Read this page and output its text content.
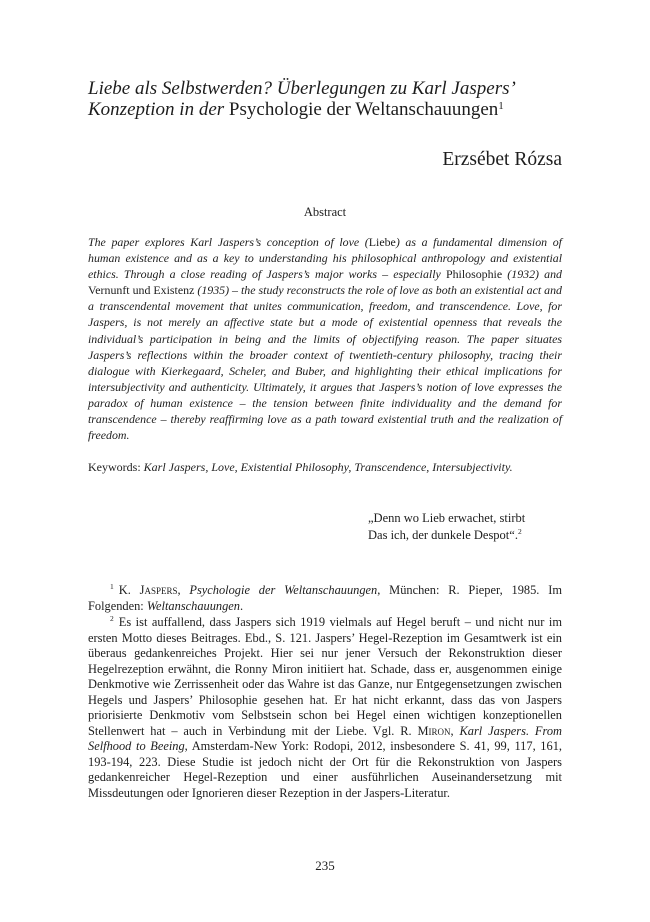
Liebe als Selbstwerden? Überlegungen zu Karl Jaspers’ Konzeption in der Psychologie der Weltanschauungen$^1$
Erzsébet Rózsa
Abstract

The paper explores Karl Jaspers’s conception of love (Liebe) as a fundamental dimension of human existence and as a key to understanding his philosophical anthropology and existential ethics. Through a close reading of Jaspers’s major works – especially Philosophie (1932) and Vernunft und Existenz (1935) – the study reconstructs the role of love as both an existential act and a transcendental movement that unites communication, freedom, and transcendence. Love, for Jaspers, is not merely an affective state but a mode of existential openness that reveals the individual’s participation in being and the limits of objectifying reason. The paper situates Jaspers’s reflections within the broader context of twentieth-century philosophy, tracing their dialogue with Kierkegaard, Scheler, and Buber, and highlighting their ethical implications for intersubjectivity and authenticity. Ultimately, it argues that Jaspers’s notion of love expresses the paradox of human existence – the tension between finite individuality and the demand for transcendence – thereby reaffirming love as a path toward existential truth and the realization of freedom.

Keywords: Karl Jaspers, Love, Existential Philosophy, Transcendence, Intersubjectivity.

„Denn wo Lieb erwachet, stirbt
Das ich, der dunkele Despot“.$^2$

$^1$ K. Jaspers, Psychologie der Weltanschauungen, München: R. Pieper, 1985. Im Folgenden: Weltanschauungen.

$^2$ Es ist auffallend, dass Jaspers sich 1919 vielmals auf Hegel beruft – und nicht nur im ersten Motto dieses Beitrages. Ebd., S. 121. Jaspers’ Hegel-Rezeption im Gesamtwerk ist ein überaus gedankenreiches Projekt. Hier sei nur jener Versuch der Rekonstruktion dieser Hegelrezeption erwähnt, die Ronny Miron initiiert hat. Schade, dass er, ausgenommen einige Denkmotive wie Zerrissenheit oder das Wahre ist das Ganze, nur Entgegensetzungen zwischen Hegels und Jaspers’ Philosophie gesehen hat. Er hat nicht erkannt, dass das von Jaspers priorisierte Denkmotiv vom Selbstsein schon bei Hegel einen wichtigen konzeptionellen Stellenwert hat – auch in Verbindung mit der Liebe. Vgl. R. Miron, Karl Jaspers. From Selfhood to Beeing, Amsterdam-New York: Rodopi, 2012, insbesondere S. 41, 99, 117, 161, 193-194, 223. Diese Studie ist jedoch nicht der Ort für die Rekonstruktion von Jaspers gedankenreicher Hegel-Rezeption und einer ausführlichen Auseinandersetzung mit Missdeutungen oder Ignorieren dieser Rezeption in der Jaspers-Literatur.

235
